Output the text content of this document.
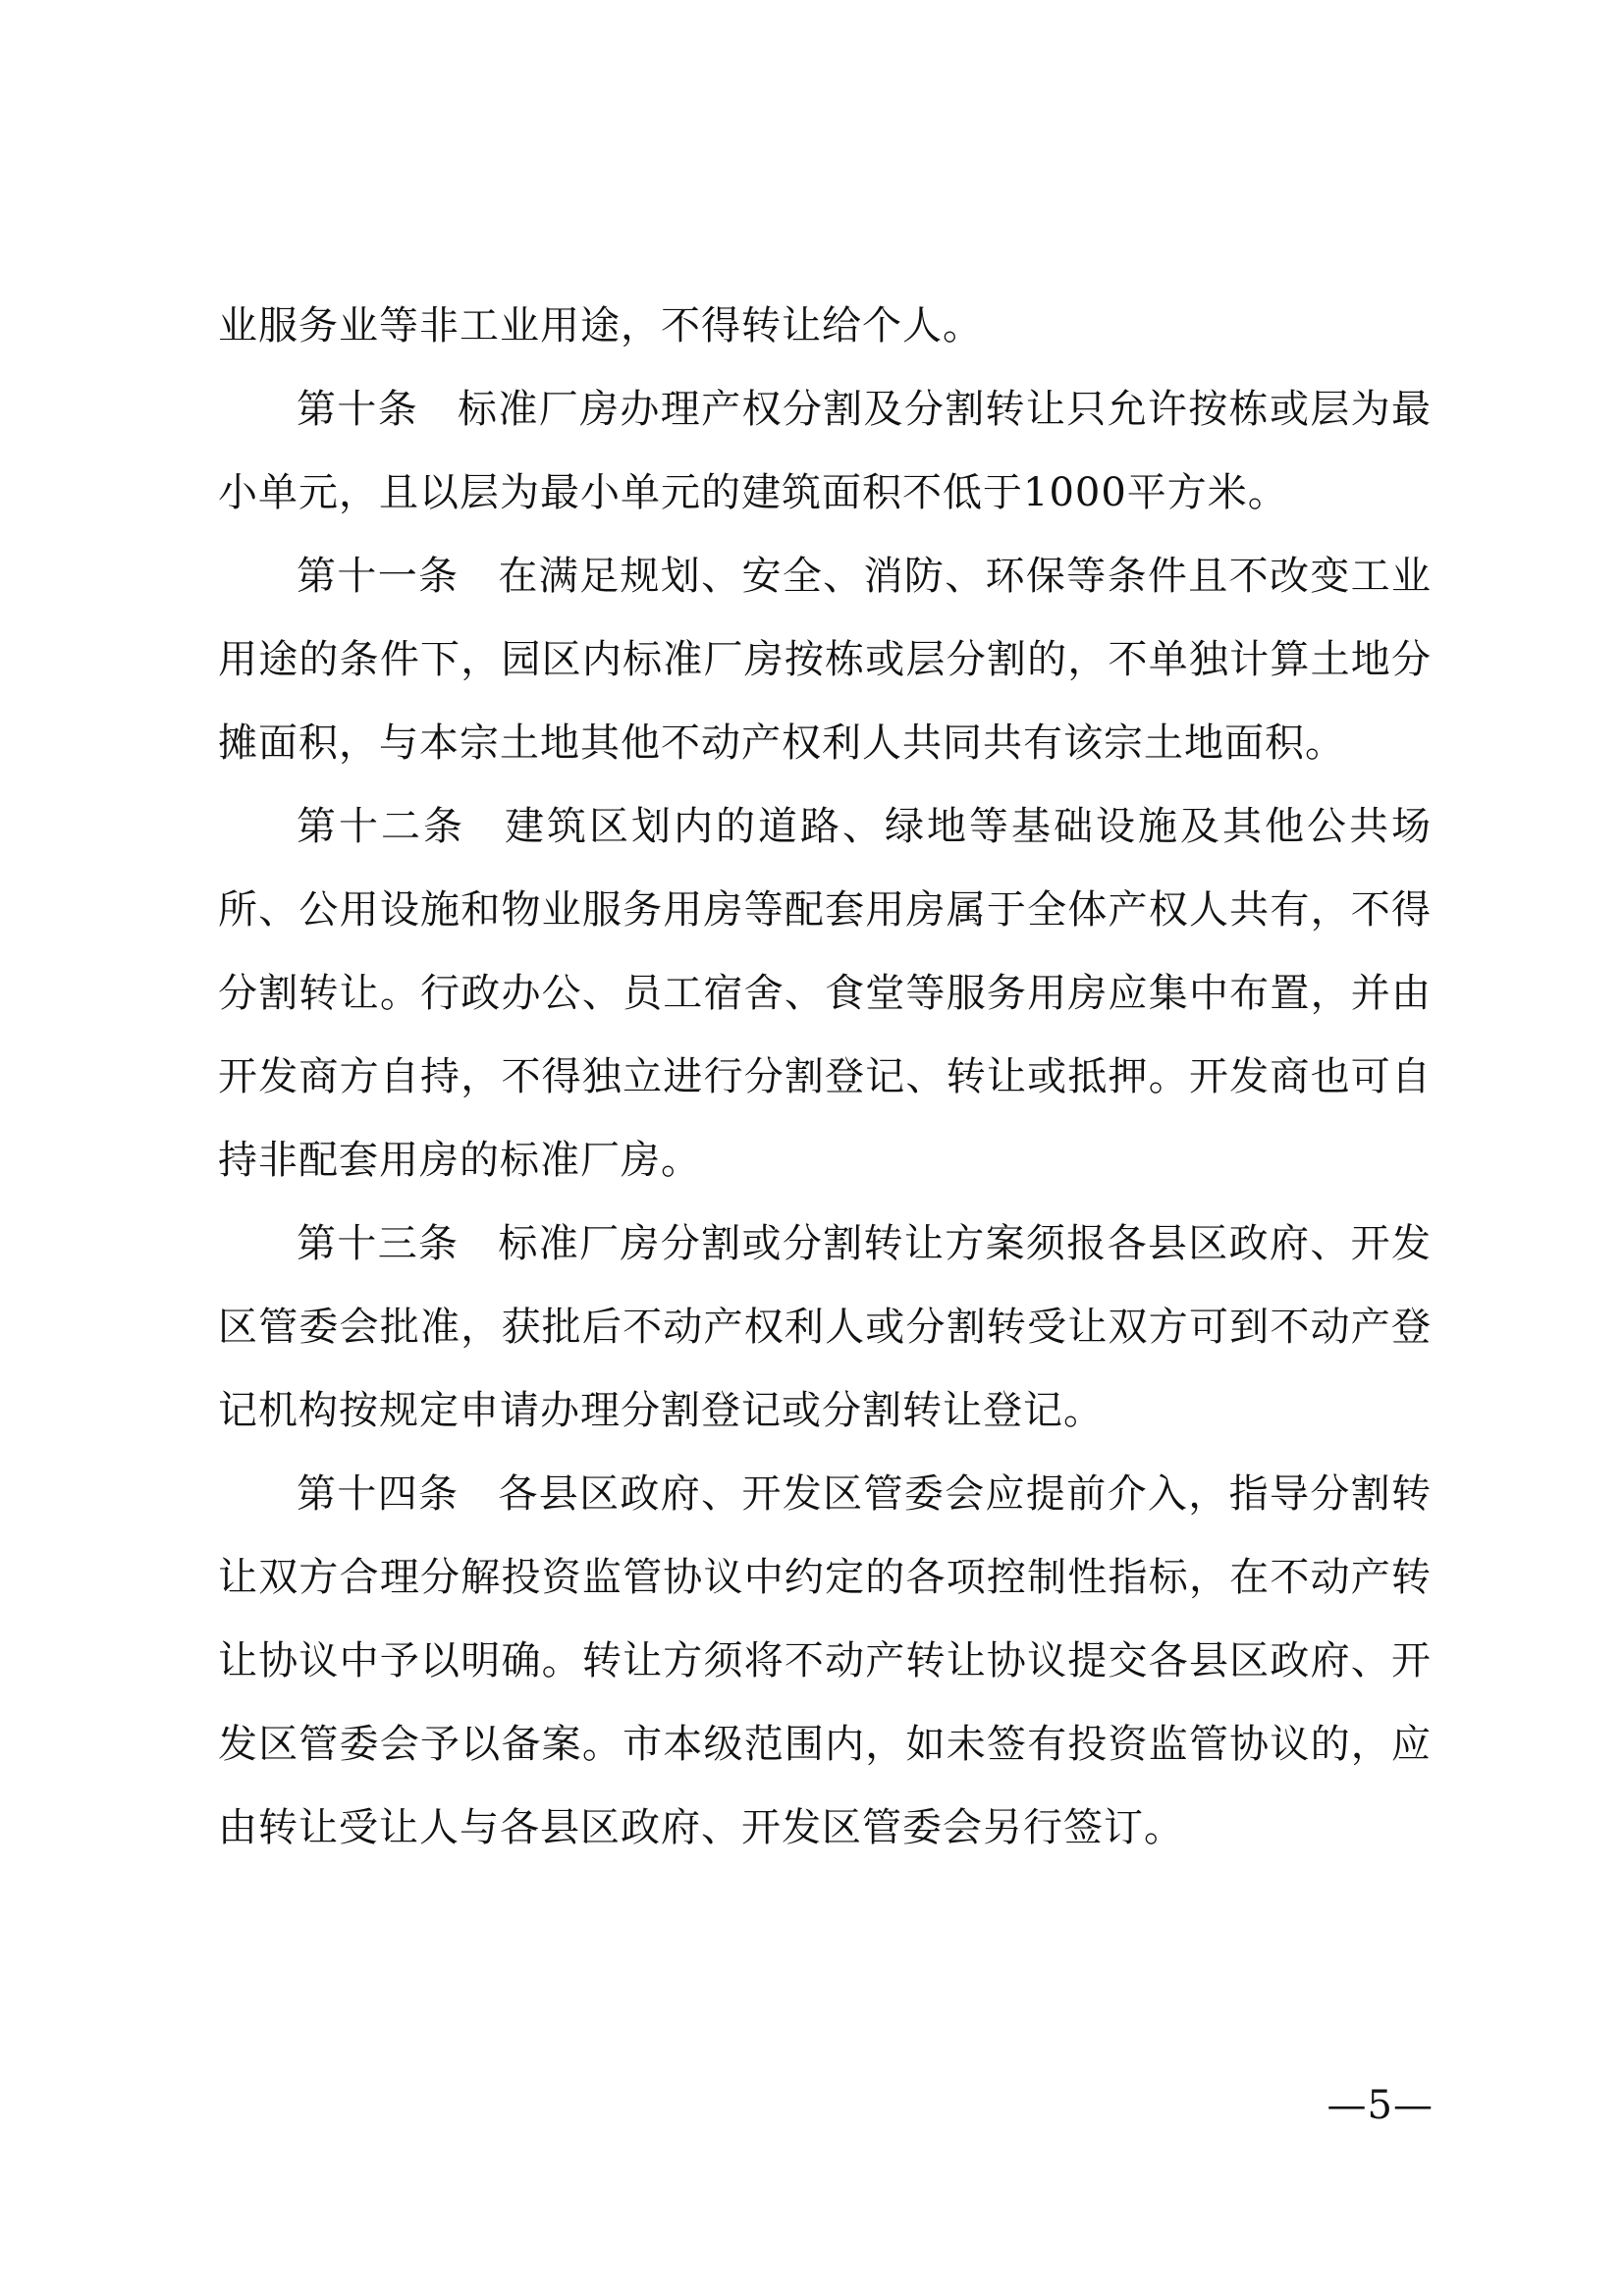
业服务业等非工业用途，不得转让给个人。

第十条 标准厂房办理产权分割及分割转让只允许按栋或层为最小单元，且以层为最小单元的建筑面积不低于1000平方米。

第十一条 在满足规划、安全、消防、环保等条件且不改变工业用途的条件下，园区内标准厂房按栋或层分割的，不单独计算土地分摊面积，与本宗土地其他不动产权利人共同共有该宗土地面积。

第十二条 建筑区划内的道路、绿地等基础设施及其他公共场所、公用设施和物业服务用房等配套用房属于全体产权人共有，不得分割转让。行政办公、员工宿舍、食堂等服务用房应集中布置，并由开发商方自持，不得独立进行分割登记、转让或抵押。开发商也可自持非配套用房的标准厂房。

第十三条 标准厂房分割或分割转让方案须报各县区政府、开发区管委会批准，获批后不动产权利人或分割转受让双方可到不动产登记机构按规定申请办理分割登记或分割转让登记。

第十四条 各县区政府、开发区管委会应提前介入，指导分割转让双方合理分解投资监管协议中约定的各项控制性指标，在不动产转让协议中予以明确。转让方须将不动产转让协议提交各县区政府、开发区管委会予以备案。市本级范围内，如未签有投资监管协议的，应由转让受让人与各县区政府、开发区管委会另行签订。

—5—
